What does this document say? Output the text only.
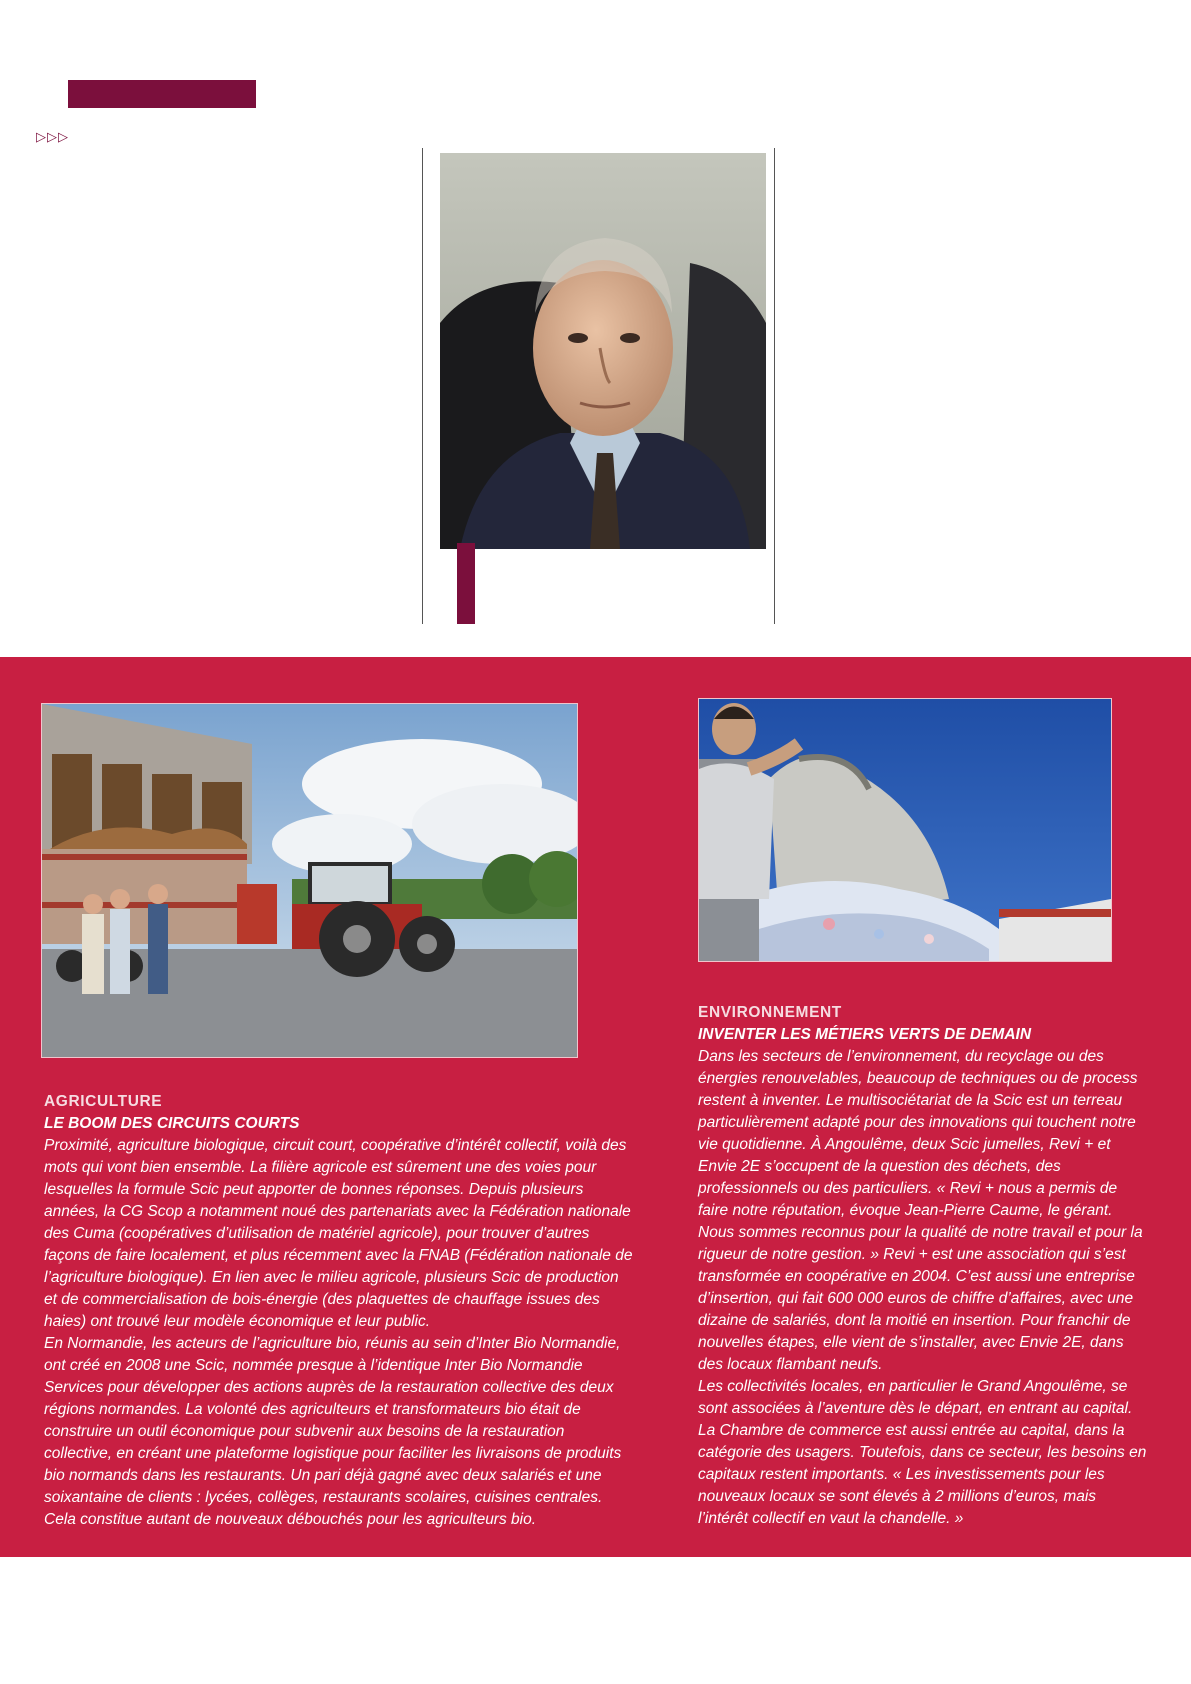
▷▷▷
AGRICULTURE
LE BOOM DES CIRCUITS COURTS

Proximité, agriculture biologique, circuit court, coopérative d’intérêt collectif, voilà des mots qui vont bien ensemble. La filière agricole est sûrement une des voies pour lesquelles la formule Scic peut apporter de bonnes réponses. Depuis plusieurs années, la CG Scop a notamment noué des partenariats avec la Fédération nationale des Cuma (coopératives d’utilisation de matériel agricole), pour trouver d’autres façons de faire localement, et plus récemment avec la FNAB (Fédération nationale de l’agriculture biologique). En lien avec le milieu agricole, plusieurs Scic de production et de commercialisation de bois-énergie (des plaquettes de chauffage issues des haies) ont trouvé leur modèle économique et leur public.

En Normandie, les acteurs de l’agriculture bio, réunis au sein d’Inter Bio Normandie, ont créé en 2008 une Scic, nommée presque à l’identique Inter Bio Normandie Services pour développer des actions auprès de la restauration collective des deux régions normandes. La volonté des agriculteurs et transformateurs bio était de construire un outil économique pour subvenir aux besoins de la restauration collective, en créant une plateforme logistique pour faciliter les livraisons de produits bio normands dans les restaurants. Un pari déjà gagné avec deux salariés et une soixantaine de clients : lycées, collèges, restaurants scolaires, cuisines centrales. Cela constitue autant de nouveaux débouchés pour les agriculteurs bio.

ENVIRONNEMENT
INVENTER LES MÉTIERS VERTS DE DEMAIN

Dans les secteurs de l’environnement, du recyclage ou des énergies renouvelables, beaucoup de techniques ou de process restent à inventer. Le multisociétariat de la Scic est un terreau particulièrement adapté pour des innovations qui touchent notre vie quotidienne. À Angoulême, deux Scic jumelles, Revi + et Envie 2E s’occupent de la question des déchets, des professionnels ou des particuliers. « Revi + nous a permis de faire notre réputation, évoque Jean-Pierre Caume, le gérant. Nous sommes reconnus pour la qualité de notre travail et pour la rigueur de notre gestion. » Revi + est une association qui s’est transformée en coopérative en 2004. C’est aussi une entreprise d’insertion, qui fait 600 000 euros de chiffre d’affaires, avec une dizaine de salariés, dont la moitié en insertion. Pour franchir de nouvelles étapes, elle vient de s’installer, avec Envie 2E, dans des locaux flambant neufs.

Les collectivités locales, en particulier le Grand Angoulême, se sont associées à l’aventure dès le départ, en entrant au capital. La Chambre de commerce est aussi entrée au capital, dans la catégorie des usagers. Toutefois, dans ce secteur, les besoins en capitaux restent importants. « Les investissements pour les nouveaux locaux se sont élevés à 2 millions d’euros, mais l’intérêt collectif en vaut la chandelle. »
